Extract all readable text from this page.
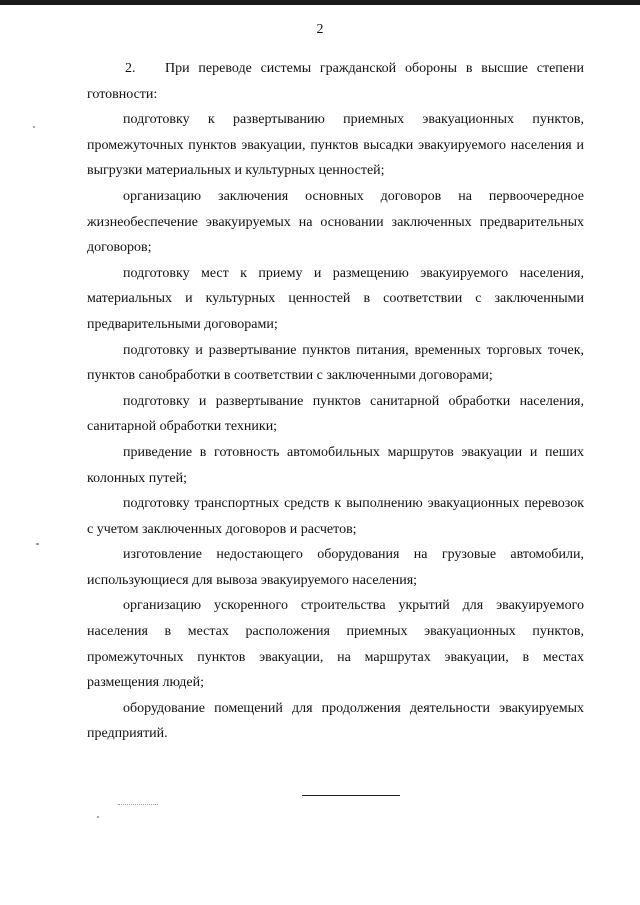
2

2. При переводе системы гражданской обороны в высшие степени готовности:

подготовку к развертыванию приемных эвакуационных пунктов, промежуточных пунктов эвакуации, пунктов высадки эвакуируемого населения и выгрузки материальных и культурных ценностей;

организацию заключения основных договоров на первоочередное жизнеобеспечение эвакуируемых на основании заключенных предварительных договоров;

подготовку мест к приему и размещению эвакуируемого населения, материальных и культурных ценностей в соответствии с заключенными предварительными договорами;

подготовку и развертывание пунктов питания, временных торговых точек, пунктов санобработки в соответствии с заключенными договорами;

подготовку и развертывание пунктов санитарной обработки населения, санитарной обработки техники;

приведение в готовность автомобильных маршрутов эвакуации и пеших колонных путей;

подготовку транспортных средств к выполнению эвакуационных перевозок с учетом заключенных договоров и расчетов;

изготовление недостающего оборудования на грузовые автомобили, использующиеся для вывоза эвакуируемого населения;

организацию ускоренного строительства укрытий для эвакуируемого населения в местах расположения приемных эвакуационных пунктов, промежуточных пунктов эвакуации, на маршрутах эвакуации, в местах размещения людей;

оборудование помещений для продолжения деятельности эвакуируемых предприятий.
